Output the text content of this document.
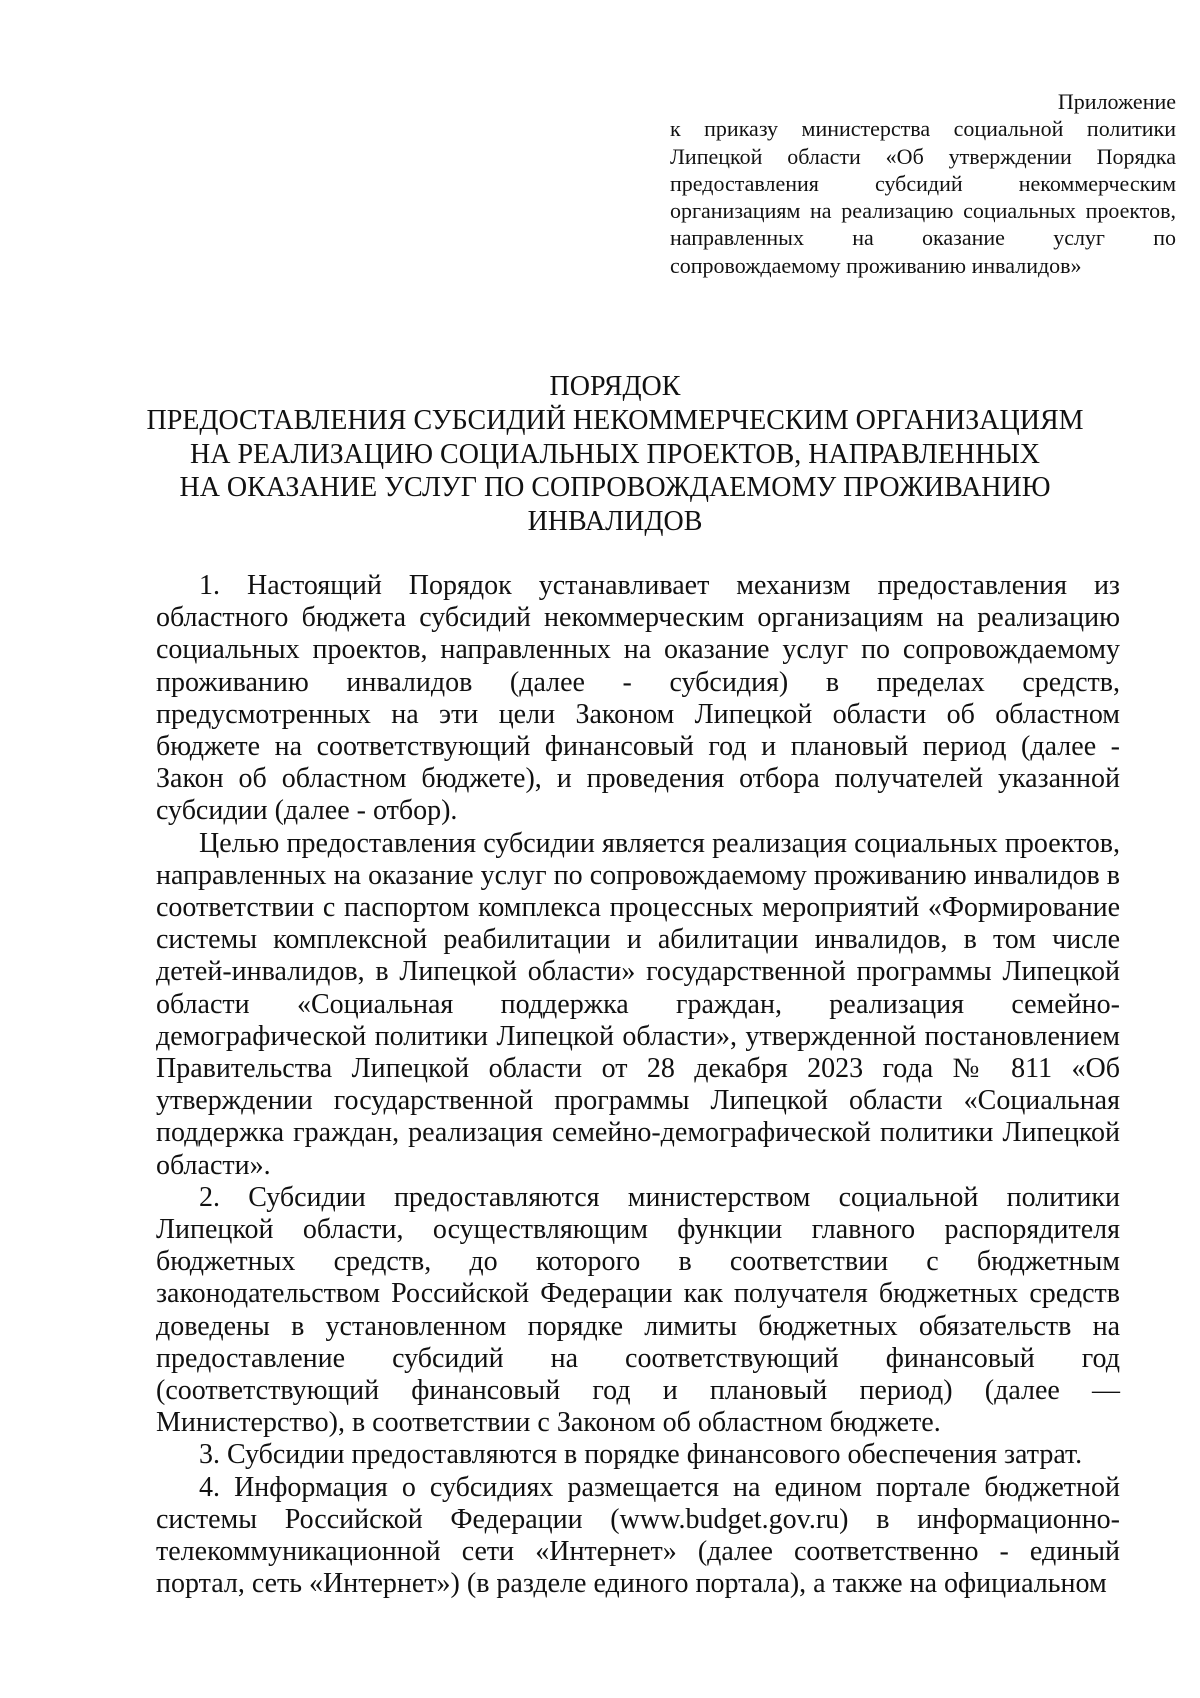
Приложение

к приказу министерства социальной политики Липецкой области «Об утверждении Порядка предоставления субсидий некоммерческим организациям на реализацию социальных проектов, направленных на оказание услуг по сопровождаемому проживанию инвалидов»

ПОРЯДОК
ПРЕДОСТАВЛЕНИЯ СУБСИДИЙ НЕКОММЕРЧЕСКИМ ОРГАНИЗАЦИЯМ
НА РЕАЛИЗАЦИЮ СОЦИАЛЬНЫХ ПРОЕКТОВ, НАПРАВЛЕННЫХ
НА ОКАЗАНИЕ УСЛУГ ПО СОПРОВОЖДАЕМОМУ ПРОЖИВАНИЮ
ИНВАЛИДОВ

1. Настоящий Порядок устанавливает механизм предоставления из областного бюджета субсидий некоммерческим организациям на реализацию социальных проектов, направленных на оказание услуг по сопровождаемому проживанию инвалидов (далее - субсидия) в пределах средств, предусмотренных на эти цели Законом Липецкой области об областном бюджете на соответствующий финансовый год и плановый период (далее - Закон об областном бюджете), и проведения отбора получателей указанной субсидии (далее - отбор).

Целью предоставления субсидии является реализация социальных проектов, направленных на оказание услуг по сопровождаемому проживанию инвалидов в соответствии с паспортом комплекса процессных мероприятий «Формирование системы комплексной реабилитации и абилитации инвалидов, в том числе детей-инвалидов, в Липецкой области» государственной программы Липецкой области «Социальная поддержка граждан, реализация семейно-демографической политики Липецкой области», утвержденной постановлением Правительства Липецкой области от 28 декабря 2023 года № 811 «Об утверждении государственной программы Липецкой области «Социальная поддержка граждан, реализация семейно-демографической политики Липецкой области».

2. Субсидии предоставляются министерством социальной политики Липецкой области, осуществляющим функции главного распорядителя бюджетных средств, до которого в соответствии с бюджетным законодательством Российской Федерации как получателя бюджетных средств доведены в установленном порядке лимиты бюджетных обязательств на предоставление субсидий на соответствующий финансовый год (соответствующий финансовый год и плановый период) (далее — Министерство), в соответствии с Законом об областном бюджете.

3. Субсидии предоставляются в порядке финансового обеспечения затрат.

4. Информация о субсидиях размещается на едином портале бюджетной системы Российской Федерации (www.budget.gov.ru) в информационно-телекоммуникационной сети «Интернет» (далее соответственно - единый портал, сеть «Интернет») (в разделе единого портала), а также на официальном
